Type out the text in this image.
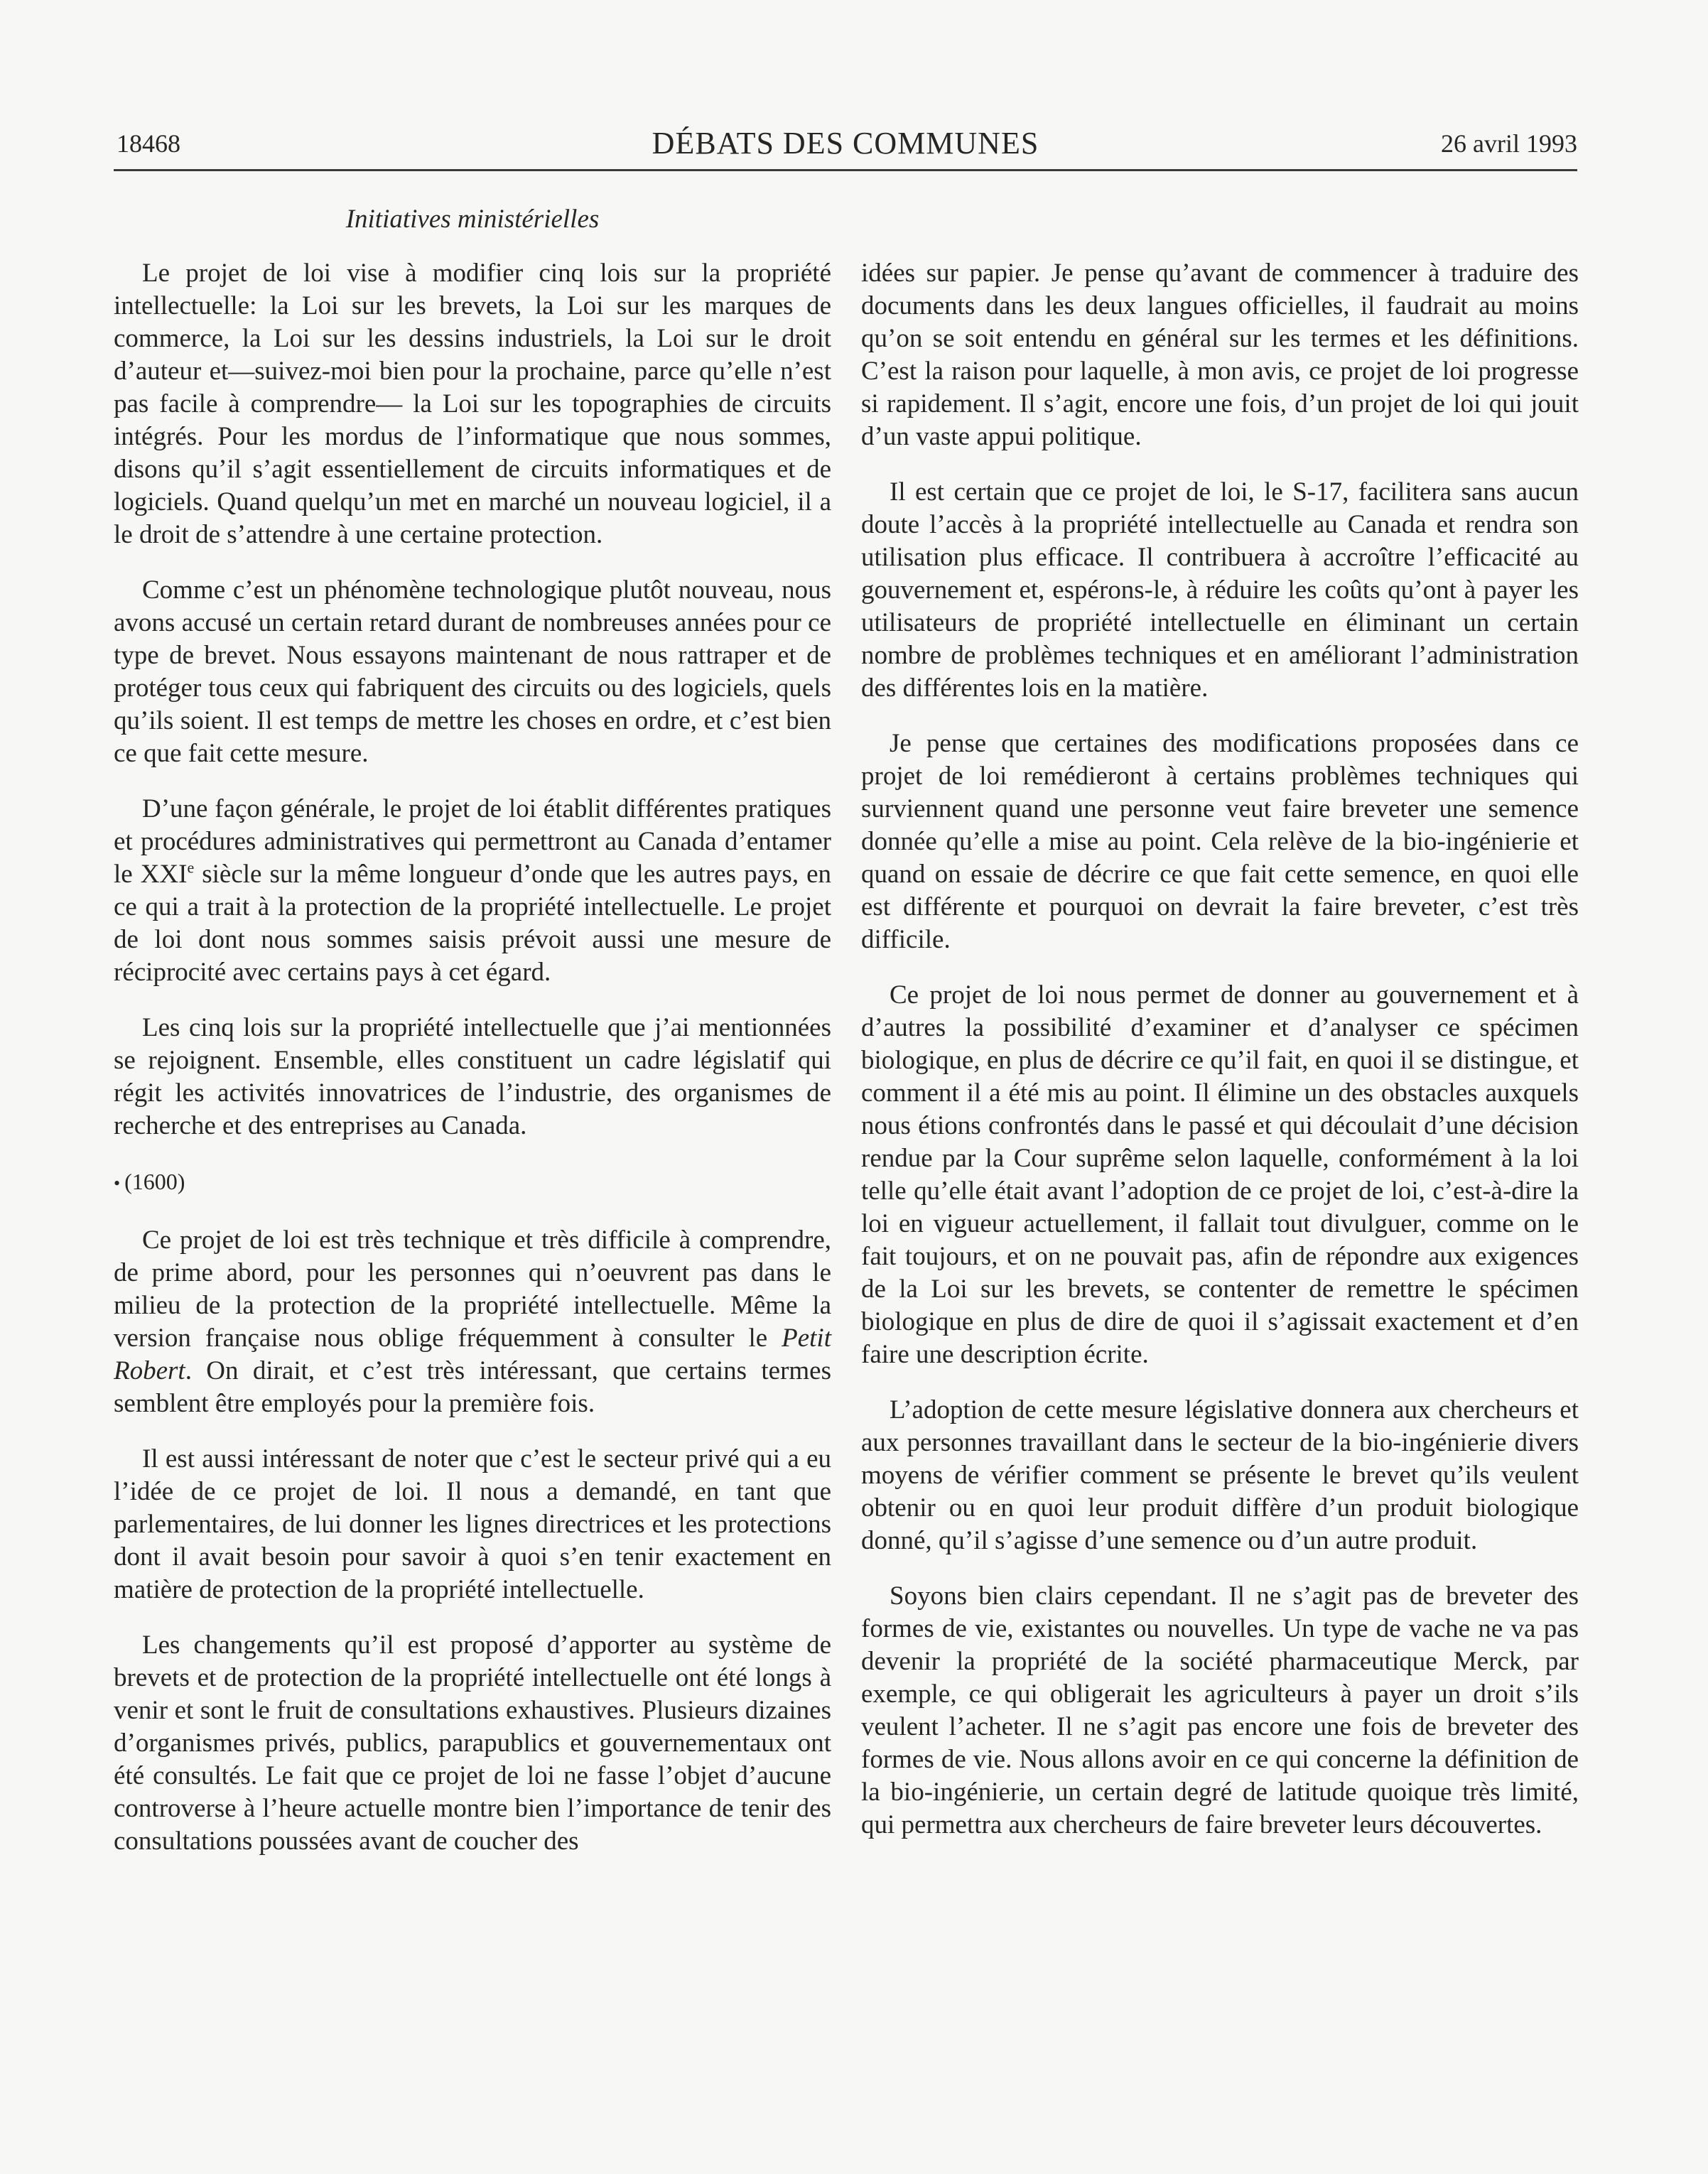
18468	DÉBATS DES COMMUNES	26 avril 1993
Initiatives ministérielles

Le projet de loi vise à modifier cinq lois sur la propriété intellectuelle: la Loi sur les brevets, la Loi sur les marques de commerce, la Loi sur les dessins industriels, la Loi sur le droit d’auteur et—suivez-moi bien pour la prochaine, parce qu’elle n’est pas facile à comprendre— la Loi sur les topographies de circuits intégrés. Pour les mordus de l’informatique que nous sommes, disons qu’il s’agit essentiellement de circuits informatiques et de logiciels. Quand quelqu’un met en marché un nouveau logiciel, il a le droit de s’attendre à une certaine protection.

Comme c’est un phénomène technologique plutôt nouveau, nous avons accusé un certain retard durant de nombreuses années pour ce type de brevet. Nous essayons maintenant de nous rattraper et de protéger tous ceux qui fabriquent des circuits ou des logiciels, quels qu’ils soient. Il est temps de mettre les choses en ordre, et c’est bien ce que fait cette mesure.

D’une façon générale, le projet de loi établit différentes pratiques et procédures administratives qui permettront au Canada d’entamer le XXIe siècle sur la même longueur d’onde que les autres pays, en ce qui a trait à la protection de la propriété intellectuelle. Le projet de loi dont nous sommes saisis prévoit aussi une mesure de réciprocité avec certains pays à cet égard.

Les cinq lois sur la propriété intellectuelle que j’ai mentionnées se rejoignent. Ensemble, elles constituent un cadre législatif qui régit les activités innovatrices de l’industrie, des organismes de recherche et des entreprises au Canada.

• (1600)

Ce projet de loi est très technique et très difficile à comprendre, de prime abord, pour les personnes qui n’oeuvrent pas dans le milieu de la protection de la propriété intellectuelle. Même la version française nous oblige fréquemment à consulter le Petit Robert. On dirait, et c’est très intéressant, que certains termes semblent être employés pour la première fois.

Il est aussi intéressant de noter que c’est le secteur privé qui a eu l’idée de ce projet de loi. Il nous a demandé, en tant que parlementaires, de lui donner les lignes directrices et les protections dont il avait besoin pour savoir à quoi s’en tenir exactement en matière de protection de la propriété intellectuelle.

Les changements qu’il est proposé d’apporter au système de brevets et de protection de la propriété intellectuelle ont été longs à venir et sont le fruit de consultations exhaustives. Plusieurs dizaines d’organismes privés, publics, parapublics et gouvernementaux ont été consultés. Le fait que ce projet de loi ne fasse l’objet d’aucune controverse à l’heure actuelle montre bien l’importance de tenir des consultations poussées avant de coucher des

idées sur papier. Je pense qu’avant de commencer à traduire des documents dans les deux langues officielles, il faudrait au moins qu’on se soit entendu en général sur les termes et les définitions. C’est la raison pour laquelle, à mon avis, ce projet de loi progresse si rapidement. Il s’agit, encore une fois, d’un projet de loi qui jouit d’un vaste appui politique.

Il est certain que ce projet de loi, le S-17, facilitera sans aucun doute l’accès à la propriété intellectuelle au Canada et rendra son utilisation plus efficace. Il contribuera à accroître l’efficacité au gouvernement et, espérons-le, à réduire les coûts qu’ont à payer les utilisateurs de propriété intellectuelle en éliminant un certain nombre de problèmes techniques et en améliorant l’administration des différentes lois en la matière.

Je pense que certaines des modifications proposées dans ce projet de loi remédieront à certains problèmes techniques qui surviennent quand une personne veut faire breveter une semence donnée qu’elle a mise au point. Cela relève de la bio-ingénierie et quand on essaie de décrire ce que fait cette semence, en quoi elle est différente et pourquoi on devrait la faire breveter, c’est très difficile.

Ce projet de loi nous permet de donner au gouvernement et à d’autres la possibilité d’examiner et d’analyser ce spécimen biologique, en plus de décrire ce qu’il fait, en quoi il se distingue, et comment il a été mis au point. Il élimine un des obstacles auxquels nous étions confrontés dans le passé et qui découlait d’une décision rendue par la Cour suprême selon laquelle, conformément à la loi telle qu’elle était avant l’adoption de ce projet de loi, c’est-à-dire la loi en vigueur actuellement, il fallait tout divulguer, comme on le fait toujours, et on ne pouvait pas, afin de répondre aux exigences de la Loi sur les brevets, se contenter de remettre le spécimen biologique en plus de dire de quoi il s’agissait exactement et d’en faire une description écrite.

L’adoption de cette mesure législative donnera aux chercheurs et aux personnes travaillant dans le secteur de la bio-ingénierie divers moyens de vérifier comment se présente le brevet qu’ils veulent obtenir ou en quoi leur produit diffère d’un produit biologique donné, qu’il s’agisse d’une semence ou d’un autre produit.

Soyons bien clairs cependant. Il ne s’agit pas de breveter des formes de vie, existantes ou nouvelles. Un type de vache ne va pas devenir la propriété de la société pharmaceutique Merck, par exemple, ce qui obligerait les agriculteurs à payer un droit s’ils veulent l’acheter. Il ne s’agit pas encore une fois de breveter des formes de vie. Nous allons avoir en ce qui concerne la définition de la bio-ingénierie, un certain degré de latitude quoique très limité, qui permettra aux chercheurs de faire breveter leurs découvertes.
